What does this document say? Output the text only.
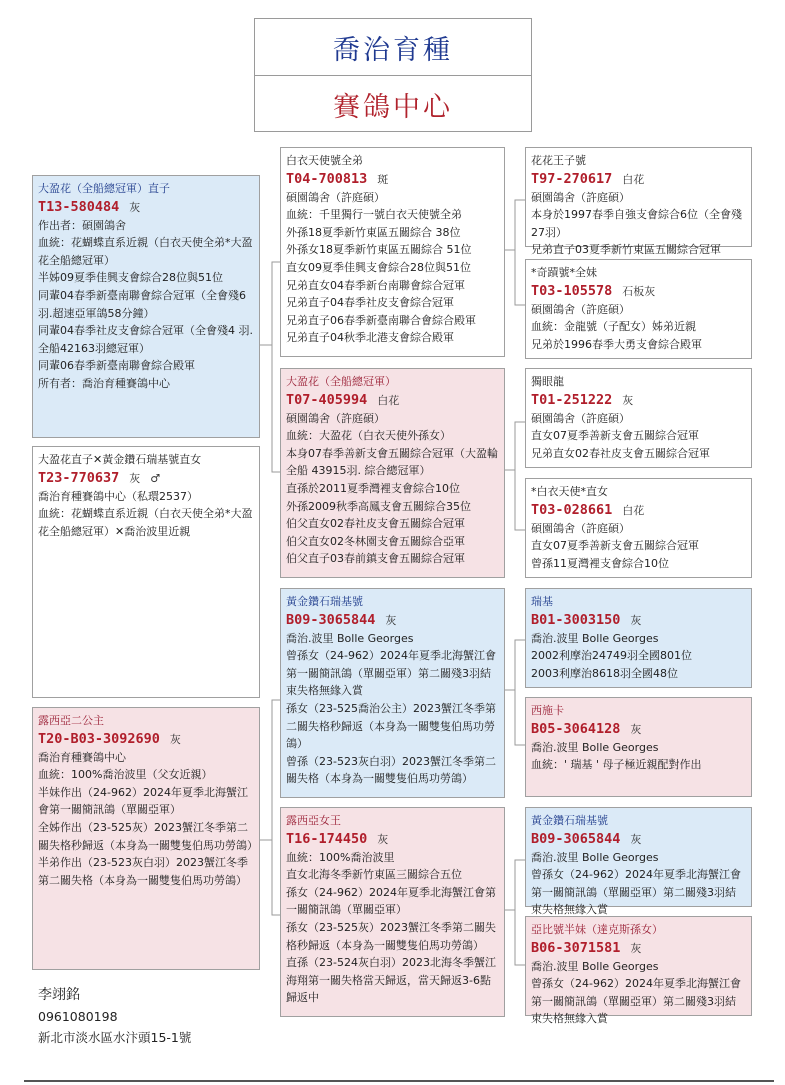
喬治育種
賽鴿中心
大盈花（全船總冠軍）直子
T13-580484 灰
作出者：碩園鴿舍
血統：花蝴蝶直系近親（白衣天使全弟*大盈花全船總冠軍）
半姊09夏季佳興支會綜合28位與51位
同輩04春季新臺南聯會綜合冠軍（全會殘6羽.超速亞軍鴿58分鐘）
同輩04春季社皮支會綜合冠軍（全會殘4 羽.全船42163羽總冠軍）
同輩06春季新臺南聯會綜合殿軍
所有者：喬治育種賽鴿中心
白衣天使號全弟
T04-700813 斑
碩園鴿舍（許庭碩）
血統：千里獨行一號白衣天使號全弟
外孫18夏季新竹東區五關綜合 38位
外孫女18夏季新竹東區五關綜合 51位
直女09夏季佳興支會綜合28位與51位
兄弟直女04春季新台南聯會綜合冠軍
兄弟直子04春季社皮支會綜合冠軍
兄弟直子06春季新臺南聯合會綜合殿軍
兄弟直子04秋季北港支會綜合殿軍
花花王子號
T97-270617 白花
碩園鴿舍（許庭碩）
本身於1997春季自強支會綜合6位（全會殘27羽）
兄弟直子03夏季新竹東區五關綜合冠軍
*奇蹟號*全妹
T03-105578 石板灰
碩園鴿舍（許庭碩）
血統：金龍號（子配女）姊弟近親
兄弟於1996春季大勇支會綜合殿軍
大盈花（全船總冠軍）
T07-405994 白花
碩園鴿舍（許庭碩）
血統：大盈花（白衣天使外孫女）
本身07春季善新支會五關綜合冠軍（大盈輪全船 43915羽. 綜合總冠軍）
直孫於2011夏季灣裡支會綜合10位
外孫2009秋季高鳳支會五關綜合35位
伯父直女02春社皮支會五關綜合冠軍
伯父直女02冬林園支會五關綜合亞軍
伯父直子03春前鎮支會五關綜合冠軍
獨眼龍
T01-251222 灰
碩園鴿舍（許庭碩）
直女07夏季善新支會五關綜合冠軍
兄弟直女02春社皮支會五關綜合冠軍
*白衣天使*直女
T03-028661 白花
碩園鴿舍（許庭碩）
直女07夏季善新支會五關綜合冠軍
曾孫11夏灣裡支會綜合10位
大盈花直子✕黃金鑽石瑞基號直女
T23-770637 灰 ♂
喬治育種賽鴿中心（私環2537）
血統：花蝴蝶直系近親（白衣天使全弟*大盈花全船總冠軍）✕喬治波里近親
黃金鑽石瑞基號
B09-3065844 灰
喬治.波里 Bolle Georges
曾孫女（24-962）2024年夏季北海蟹江會第一關簡訊鴿（單關亞軍）第二關殘3羽結束失格無緣入賞
孫女（23-525喬治公主）2023蟹江冬季第二關失格秒歸返（本身為一關雙隻伯馬功勞鴿）
曾孫（23-523灰白羽）2023蟹江冬季第二關失格（本身為一關雙隻伯馬功勞鴿）
瑞基
B01-3003150 灰
喬治.波里 Bolle Georges
2002利摩治24749羽全國801位
2003利摩治8618羽全國48位
西施卡
B05-3064128 灰
喬治.波里 Bolle Georges
血統：' 瑞基 ' 母子極近親配對作出
露西亞二公主
T20-B03-3092690 灰
喬治育種賽鴿中心
血統：100%喬治波里（父女近親）
半妹作出（24-962）2024年夏季北海蟹江會第一關簡訊鴿（單關亞軍）
全姊作出（23-525灰）2023蟹江冬季第二關失格秒歸返（本身為一關雙隻伯馬功勞鴿）
半弟作出（23-523灰白羽）2023蟹江冬季第二關失格（本身為一關雙隻伯馬功勞鴿）
露西亞女王
T16-174450 灰
血統：100%喬治波里
直女北海冬季新竹東區三關綜合五位
孫女（24-962）2024年夏季北海蟹江會第一關簡訊鴿（單關亞軍）
孫女（23-525灰）2023蟹江冬季第二關失格秒歸返（本身為一關雙隻伯馬功勞鴿）
直孫（23-524灰白羽）2023北海冬季蟹江海翔第一關失格當天歸返，當天歸返3-6點歸返中
黃金鑽石瑞基號
B09-3065844 灰
喬治.波里 Bolle Georges
曾孫女（24-962）2024年夏季北海蟹江會第一關簡訊鴿（單關亞軍）第二關殘3羽結束失格無緣入賞
亞比號半妹（達克斯孫女）
B06-3071581 灰
喬治.波里 Bolle Georges
曾孫女（24-962）2024年夏季北海蟹江會第一關簡訊鴿（單關亞軍）第二關殘3羽結束失格無緣入賞
李翊銘
0961080198
新北市淡水區水汴頭15-1號
